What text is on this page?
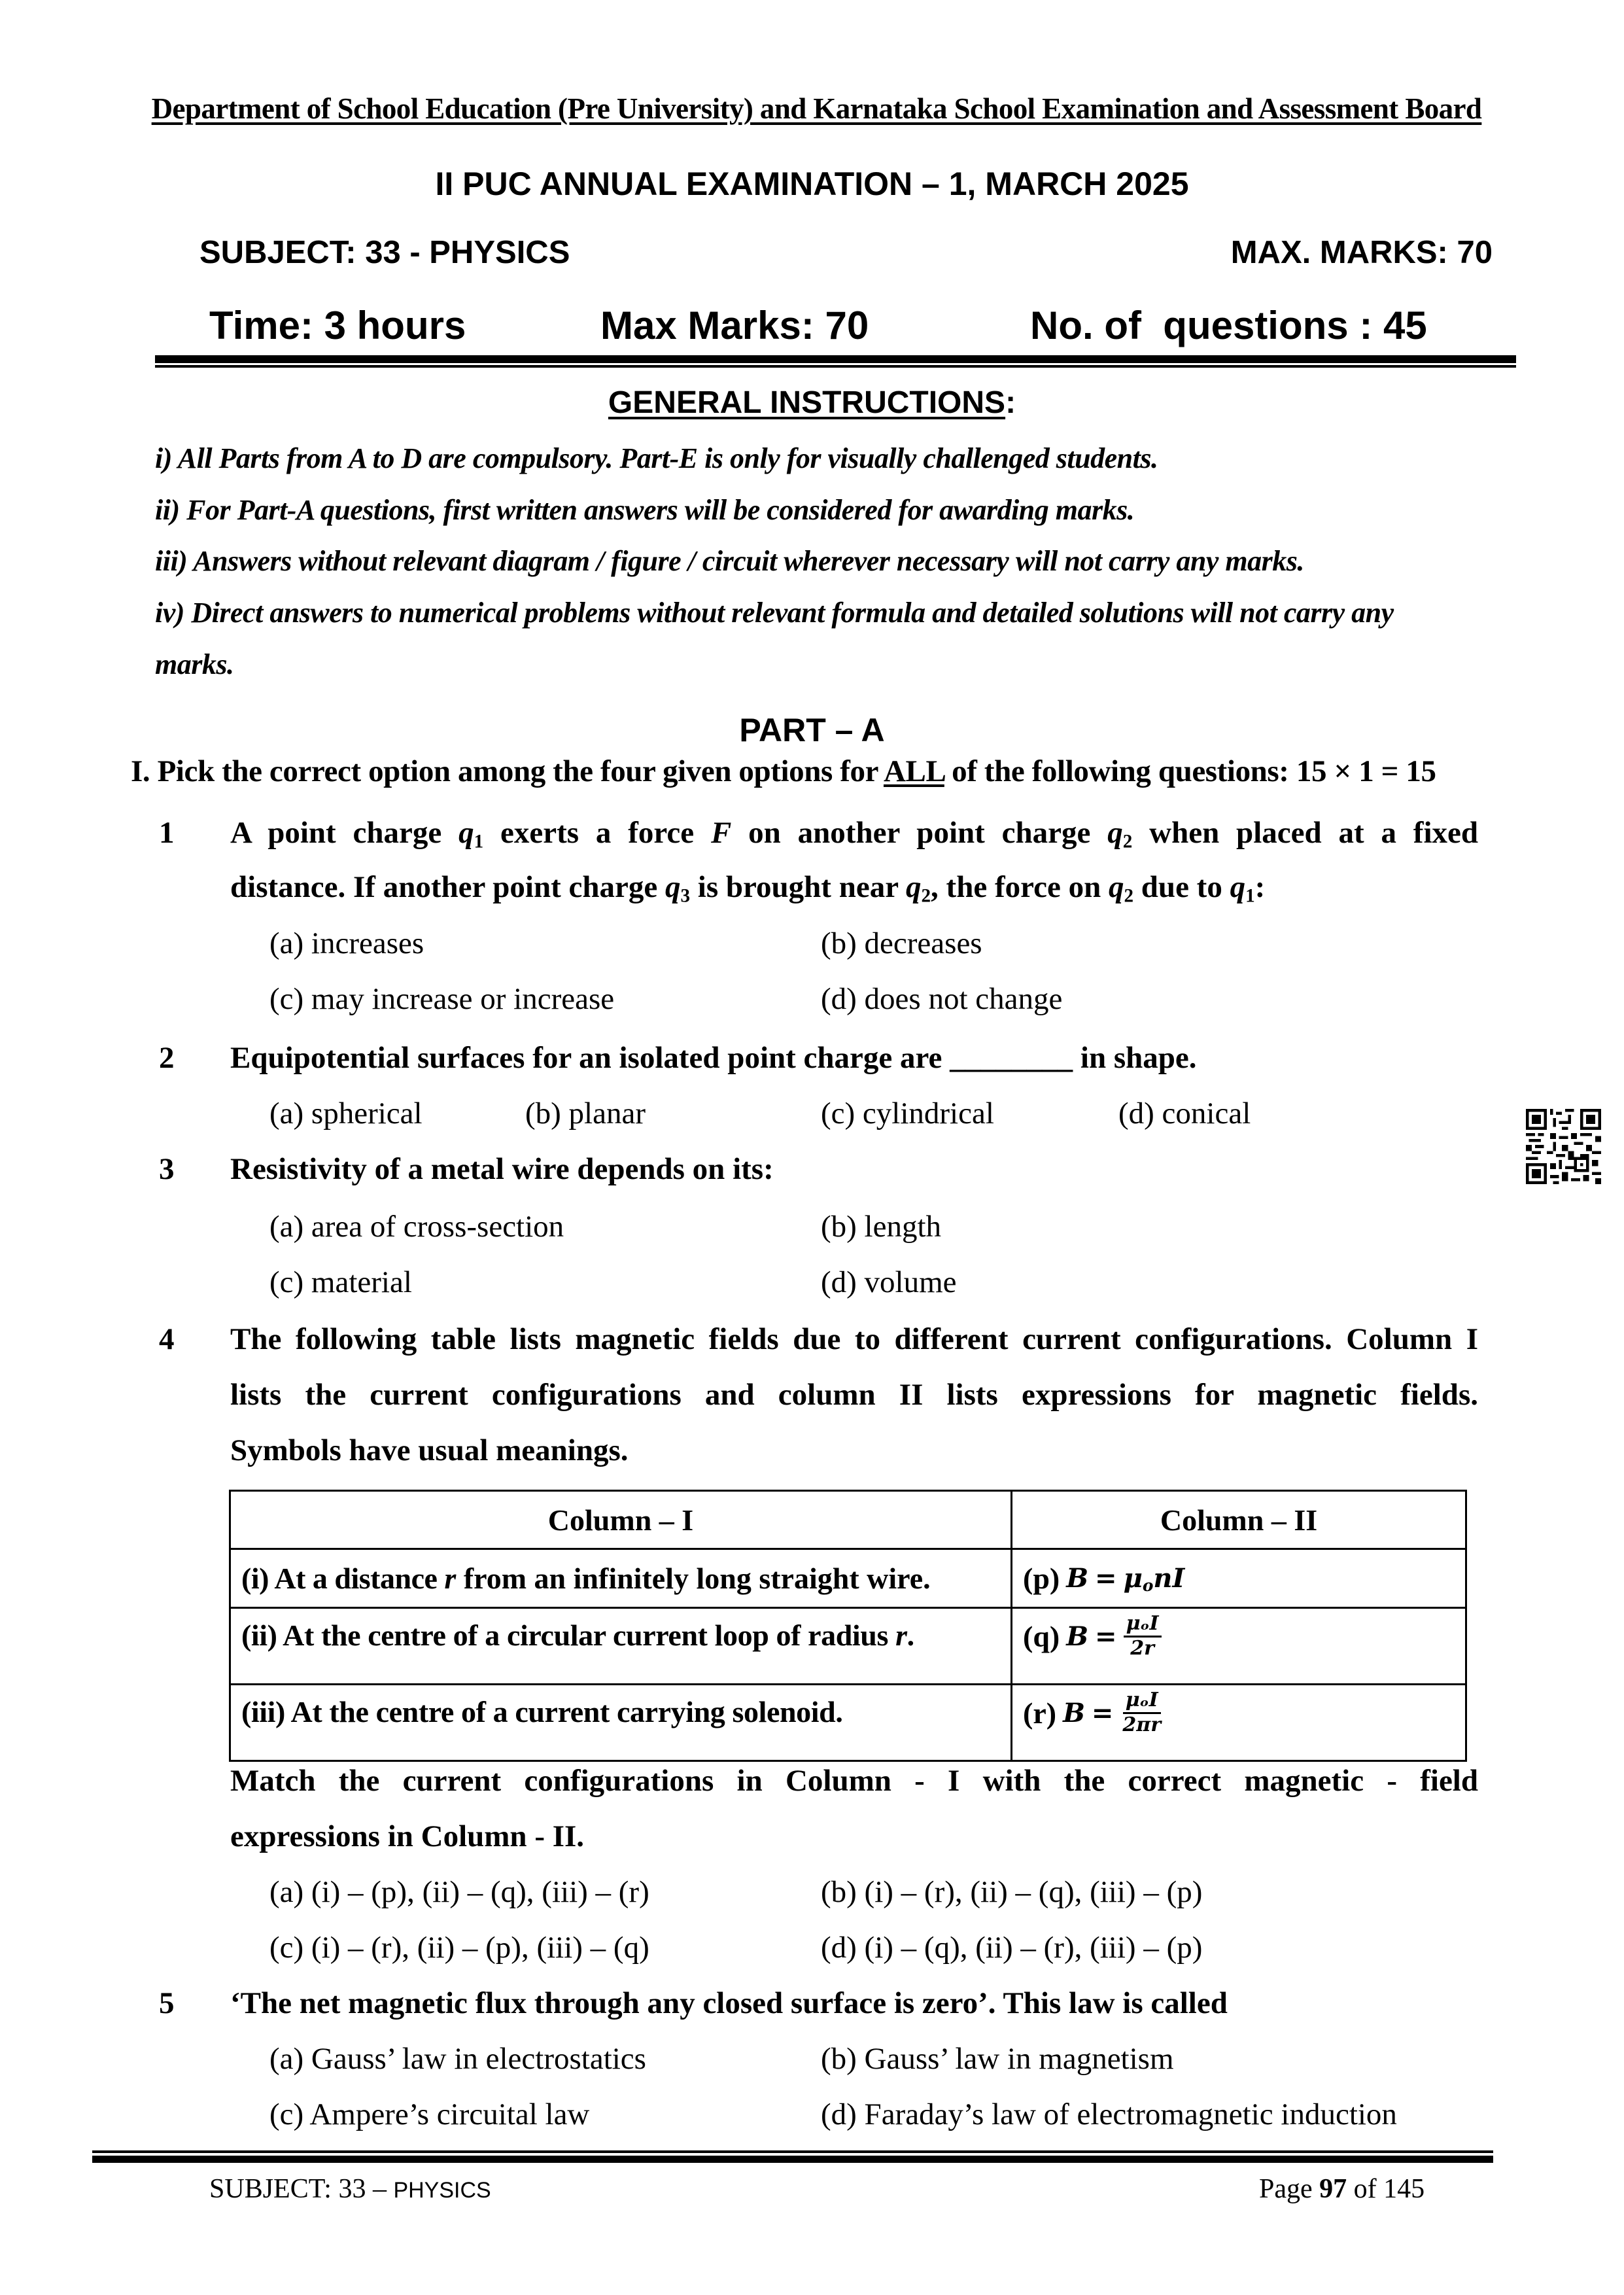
Department of School Education (Pre University) and Karnataka School Examination and Assessment Board
II PUC ANNUAL EXAMINATION – 1, MARCH 2025
SUBJECT: 33 - PHYSICS	MAX. MARKS: 70
Time: 3 hours	Max Marks: 70	No. of  questions : 45
GENERAL INSTRUCTIONS:
i) All Parts from A to D are compulsory. Part-E is only for visually challenged students.
ii) For Part-A questions, first written answers will be considered for awarding marks.
iii) Answers without relevant diagram / figure / circuit wherever necessary will not carry any marks.
iv) Direct answers to numerical problems without relevant formula and detailed solutions will not carry any
marks.
PART – A
I. Pick the correct option among the four given options for ALL of the following questions: 15 × 1 = 15
1 A point charge $q_1$ exerts a force F on another point charge $q_2$ when placed at a fixed
distance. If another point charge $q_3$ is brought near $q_2$, the force on $q_2$ due to $q_1$:
(a) increases	(b) decreases
(c) may increase or increase	(d) does not change
2 Equipotential surfaces for an isolated point charge are ________ in shape.
(a) spherical	(b) planar	(c) cylindrical	(d) conical
3 Resistivity of a metal wire depends on its:
(a) area of cross-section	(b) length
(c) material	(d) volume
4 The following table lists magnetic fields due to different current configurations. Column I
lists the current configurations and column II lists expressions for magnetic fields.
Symbols have usual meanings.
Column – I	Column – II
(i) At a distance r from an infinitely long straight wire.	(p) $B = \mu_onI$

(ii) At the centre of a circular current loop of radius r.	(q) $B = \frac{\text{μₒI}}{2r}$

(iii) At the centre of a current carrying solenoid.	(r) $B = \frac{\text{μₒI}}{2\pi r}$
Match the current configurations in Column - I with the correct magnetic - field
expressions in Column - II.
(a) (i) – (p), (ii) – (q), (iii) – (r)	(b) (i) – (r), (ii) – (q), (iii) – (p)
(c) (i) – (r), (ii) – (p), (iii) – (q)	(d) (i) – (q), (ii) – (r), (iii) – (p)
5 ‘The net magnetic flux through any closed surface is zero’. This law is called
(a) Gauss’ law in electrostatics	(b) Gauss’ law in magnetism
(c) Ampere’s circuital law	(d) Faraday’s law of electromagnetic induction
SUBJECT: 33 – PHYSICS	Page 97 of 145
